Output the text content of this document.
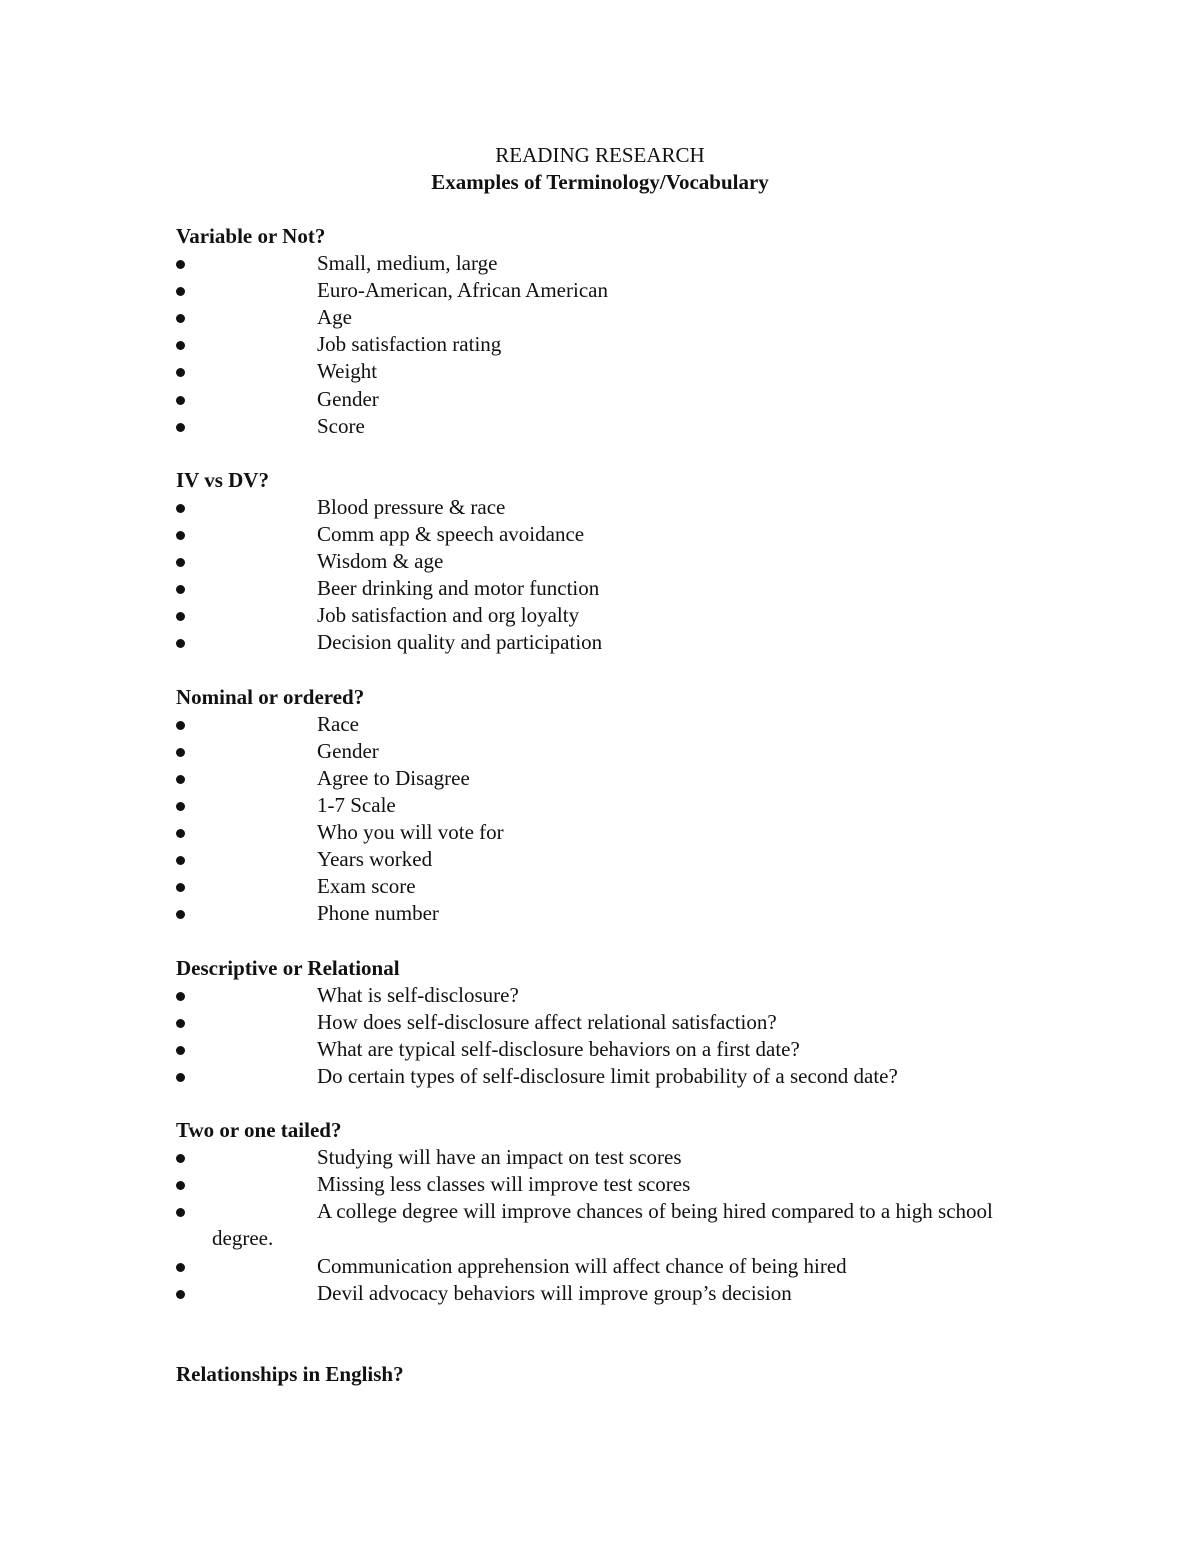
READING RESEARCH
Examples of Terminology/Vocabulary
Variable or Not?
Small, medium, large
Euro-American, African American
Age
Job satisfaction rating
Weight
Gender
Score
IV vs DV?
Blood pressure & race
Comm app & speech avoidance
Wisdom & age
Beer drinking and motor function
Job satisfaction and org loyalty
Decision quality and participation
Nominal or ordered?
Race
Gender
Agree to Disagree
1-7 Scale
Who you will vote for
Years worked
Exam score
Phone number
Descriptive or Relational
What is self-disclosure?
How does self-disclosure affect relational satisfaction?
What are typical self-disclosure behaviors on a first date?
Do certain types of self-disclosure limit probability of a second date?
Two or one tailed?
Studying will have an impact on test scores
Missing less classes will improve test scores
A college degree will improve chances of being hired compared to a high school degree.
Communication apprehension will affect chance of being hired
Devil advocacy behaviors will improve group’s decision
Relationships in English?
